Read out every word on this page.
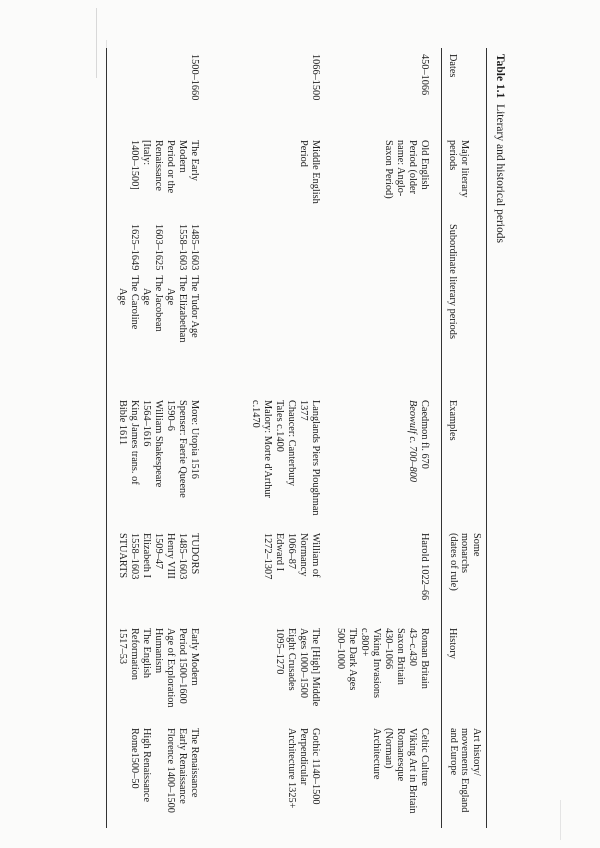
Table 1.1  Literary and historical periods
Dates
Major literary
periods
Subordinate literary periods
Examples
Some
monarchs
(dates of rule)
History
Art history/
movements England
and Europe
450–1066
Old English
Period (older
name: Anglo-
Saxon Period)
Caedmon fl. 670
Beowulf c. 700–800
Harold 1022–66
Roman Britain
43–c.430
Saxon Britain
430–1066
Viking Invasions
c.800+
The Dark Ages
500–1000
Celtic Culture
Viking Art in Britain
Romanesque
(Norman)
Architecture
1066–1500
Middle English
Period
Langlands Piers Ploughman
1377
Chaucer: Canterbury
Tales c.1400
Malory: Morte d'Arthur
c.1470
William of
Normancy
1066–87
Edward I
1272–1307
The [High] Middle
Ages 1000–1500
Eight Crusades
1095–1270
Gothic 1140–1500
Perpendicular
Architecture 1325+
1500–1660
The Early
Modern
Period or the
Renaissance
[Italy:
1400–1500]
1485–1603  The Tudor Age
1558–1603  The Elizabethan
Age
1603–1625  The Jacobean
Age
1625–1649  The Caroline
Age
More: Utopia 1516
Spenser: Faerie Queene
1590–6
William Shakespeare
1564–1616
King James trans. of
Bible 1611
TUDORS
1485–1603
Henry VIII
1509–47
Elizabeth I
1558–1603
STUARTS
Early Modern
Period 1500–1600
Age of Exploration
Humanism
The English
Reformation
1517–53
The Renaissance
Early Renaissance
Florence 1400–1500
High Renaissance
Rome1500–50
